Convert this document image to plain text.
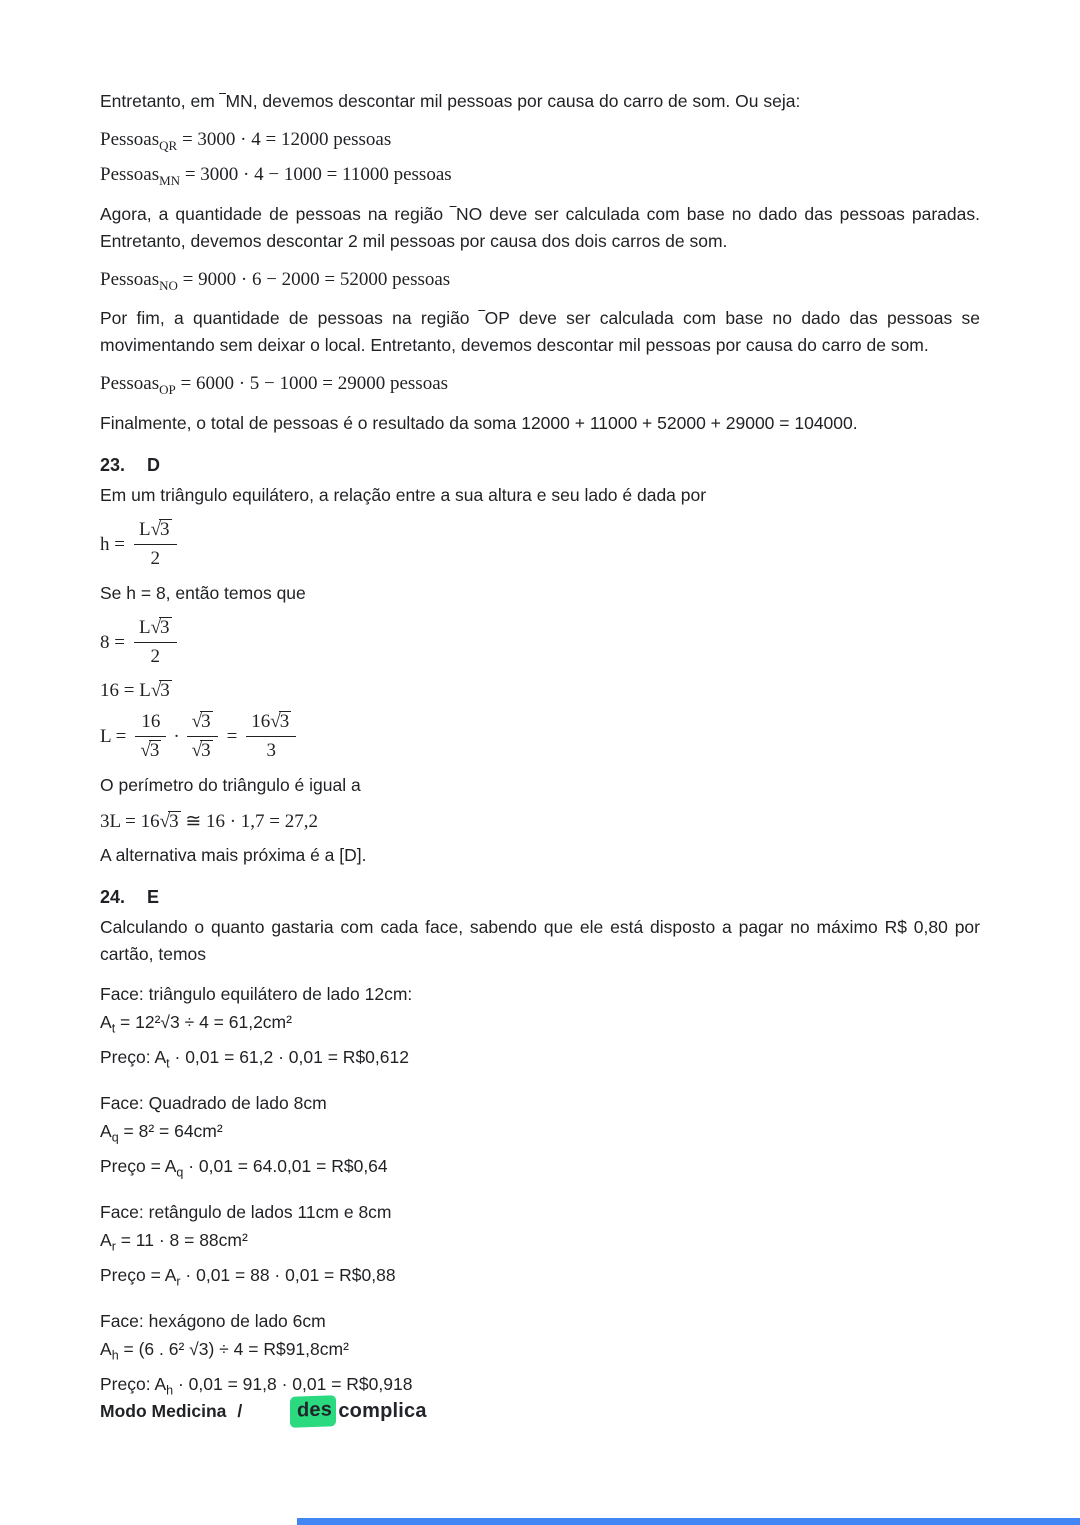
Entretanto, em ‾MN, devemos descontar mil pessoas por causa do carro de som. Ou seja:

Pessoas$_{QR}$ = 3000 · 4 = 12000 pessoas
Pessoas$_{MN}$ = 3000 · 4 − 1000 = 11000 pessoas

Agora, a quantidade de pessoas na região ‾NO deve ser calculada com base no dado das pessoas paradas. Entretanto, devemos descontar 2 mil pessoas por causa dos dois carros de som.

Pessoas$_{NO}$ = 9000 · 6 − 2000 = 52000 pessoas

Por fim, a quantidade de pessoas na região ‾OP deve ser calculada com base no dado das pessoas se movimentando sem deixar o local. Entretanto, devemos descontar mil pessoas por causa do carro de som.

Pessoas$_{OP}$ = 6000 · 5 − 1000 = 29000 pessoas

Finalmente, o total de pessoas é o resultado da soma 12000 + 11000 + 52000 + 29000 = 104000.

23. D

Em um triângulo equilátero, a relação entre a sua altura e seu lado é dada por

$h = \frac{L√3}{2}$

Se h = 8, então temos que

$8 = \frac{L√3}{2}$
16 = L√3
$L = \frac{16}{√3} \cdot \frac{√3}{√3} = \frac{16√3}{3}$

O perímetro do triângulo é igual a

3L = 16√3 ≅ 16 · 1,7 = 27,2

A alternativa mais próxima é a [D].

24. E

Calculando o quanto gastaria com cada face, sabendo que ele está disposto a pagar no máximo R$ 0,80 por cartão, temos

Face: triângulo equilátero de lado 12cm:
$A_t = 12^2√3 \div 4 = 61,2cm^2$
Preço: $A_t \cdot 0,01 = 61,2 \cdot 0,01$ = R$0,612
Face: Quadrado de lado 8cm
$A_q = 8^2 = 64cm^2$
Preço = $A_q \cdot 0,01 = 64.0,01$ = R$0,64
Face: retângulo de lados 11cm e 8cm
$A_r = 11 \cdot 8 = 88cm^2$
Preço = $A_r \cdot 0,01 = 88 \cdot 0,01$ = R$0,88
Face: hexágono de lado 6cm
$A_h = (6$ . 6² √3) ÷ 4 = R$91,8cm²
Preço: $A_h \cdot 0,01 = 91,8 \cdot 0,01$ = R$0,918
Modo Medicina /	des complica
